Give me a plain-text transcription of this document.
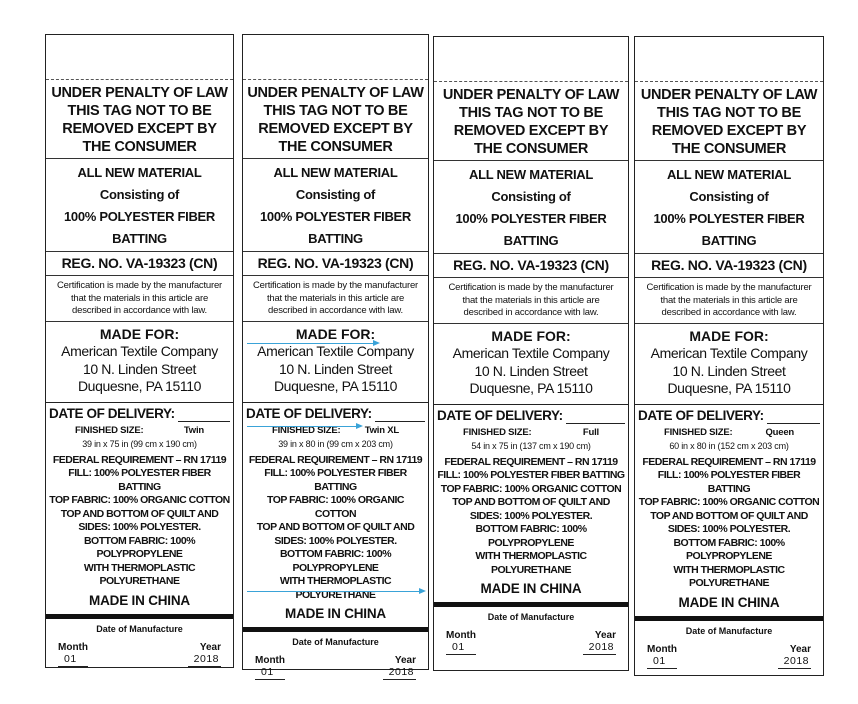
UNDER PENALTY OF LAW
THIS TAG NOT TO BE
REMOVED EXCEPT BY
THE CONSUMER
ALL NEW MATERIAL
Consisting of
100% POLYESTER FIBER
BATTING
REG. NO. VA-19323 (CN)
Certification is made by the manufacturer
that the materials in this article are
described in accordance with law.
MADE FOR:
American Textile Company
10 N. Linden Street
Duquesne, PA 15110
DATE OF DELIVERY:
FINISHED SIZE:	Twin
39 in x 75 in (99 cm x 190 cm)
FEDERAL REQUIREMENT – RN 17119
FILL: 100% POLYESTER FIBER BATTING
TOP FABRIC: 100% ORGANIC COTTON
TOP AND BOTTOM OF QUILT AND
SIDES: 100% POLYESTER.
BOTTOM FABRIC: 100% POLYPROPYLENE
WITH THERMOPLASTIC POLYURETHANE
MADE IN CHINA
Date of Manufacture
Month
01
Year
2018
UNDER PENALTY OF LAW
THIS TAG NOT TO BE
REMOVED EXCEPT BY
THE CONSUMER
ALL NEW MATERIAL
Consisting of
100% POLYESTER FIBER
BATTING
REG. NO. VA-19323 (CN)
Certification is made by the manufacturer
that the materials in this article are
described in accordance with law.
MADE FOR:
American Textile Company
10 N. Linden Street
Duquesne, PA 15110
DATE OF DELIVERY:
FINISHED SIZE:	Twin XL
39 in x 80 in (99 cm x 203 cm)
FEDERAL REQUIREMENT – RN 17119
FILL: 100% POLYESTER FIBER BATTING
TOP FABRIC: 100% ORGANIC COTTON
TOP AND BOTTOM OF QUILT AND
SIDES: 100% POLYESTER.
BOTTOM FABRIC: 100% POLYPROPYLENE
WITH THERMOPLASTIC POLYURETHANE
MADE IN CHINA
Date of Manufacture
Month
01
Year
2018
UNDER PENALTY OF LAW
THIS TAG NOT TO BE
REMOVED EXCEPT BY
THE CONSUMER
ALL NEW MATERIAL
Consisting of
100% POLYESTER FIBER
BATTING
REG. NO. VA-19323 (CN)
Certification is made by the manufacturer
that the materials in this article are
described in accordance with law.
MADE FOR:
American Textile Company
10 N. Linden Street
Duquesne, PA 15110
DATE OF DELIVERY:
FINISHED SIZE:	Full
54 in x 75 in (137 cm x 190 cm)
FEDERAL REQUIREMENT – RN 17119
FILL: 100% POLYESTER FIBER BATTING
TOP FABRIC: 100% ORGANIC COTTON
TOP AND BOTTOM OF QUILT AND
SIDES: 100% POLYESTER.
BOTTOM FABRIC: 100% POLYPROPYLENE
WITH THERMOPLASTIC POLYURETHANE
MADE IN CHINA
Date of Manufacture
Month
01
Year
2018
UNDER PENALTY OF LAW
THIS TAG NOT TO BE
REMOVED EXCEPT BY
THE CONSUMER
ALL NEW MATERIAL
Consisting of
100% POLYESTER FIBER
BATTING
REG. NO. VA-19323 (CN)
Certification is made by the manufacturer
that the materials in this article are
described in accordance with law.
MADE FOR:
American Textile Company
10 N. Linden Street
Duquesne, PA 15110
DATE OF DELIVERY:
FINISHED SIZE:	Queen
60 in x 80 in (152 cm x 203 cm)
FEDERAL REQUIREMENT – RN 17119
FILL: 100% POLYESTER FIBER BATTING
TOP FABRIC: 100% ORGANIC COTTON
TOP AND BOTTOM OF QUILT AND
SIDES: 100% POLYESTER.
BOTTOM FABRIC: 100% POLYPROPYLENE
WITH THERMOPLASTIC POLYURETHANE
MADE IN CHINA
Date of Manufacture
Month
01
Year
2018
